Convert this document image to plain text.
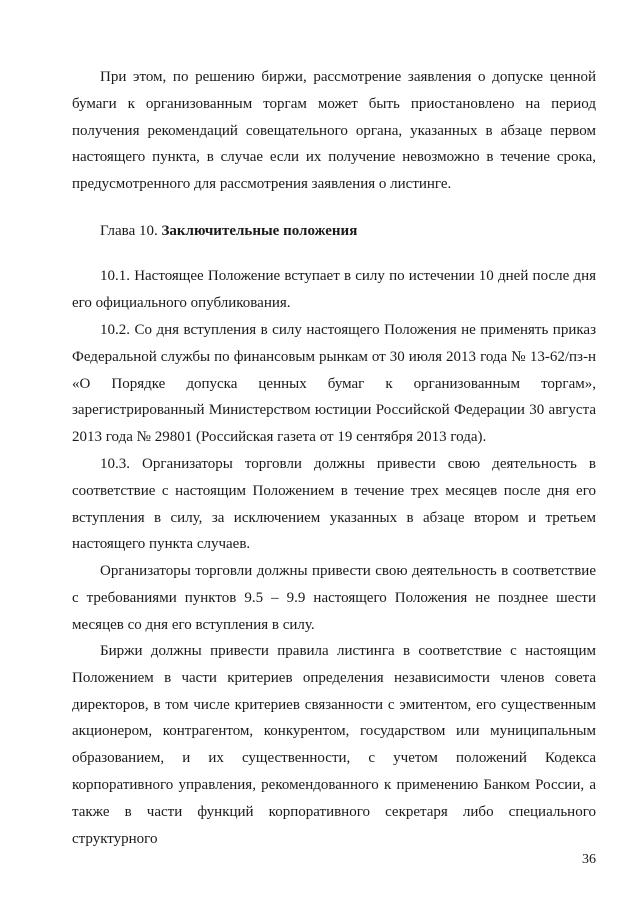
При этом, по решению биржи, рассмотрение заявления о допуске ценной бумаги к организованным торгам может быть приостановлено на период получения рекомендаций совещательного органа, указанных в абзаце первом настоящего пункта, в случае если их получение невозможно в течение срока, предусмотренного для рассмотрения заявления о листинге.

Глава 10. Заключительные положения

10.1. Настоящее Положение вступает в силу по истечении 10 дней после дня его официального опубликования.

10.2. Со дня вступления в силу настоящего Положения не применять приказ Федеральной службы по финансовым рынкам от 30 июля 2013 года № 13-62/пз-н «О Порядке допуска ценных бумаг к организованным торгам», зарегистрированный Министерством юстиции Российской Федерации 30 августа 2013 года № 29801 (Российская газета от 19 сентября 2013 года).

10.3. Организаторы торговли должны привести свою деятельность в соответствие с настоящим Положением в течение трех месяцев после дня его вступления в силу, за исключением указанных в абзаце втором и третьем настоящего пункта случаев.

Организаторы торговли должны привести свою деятельность в соответствие с требованиями пунктов 9.5 – 9.9 настоящего Положения не позднее шести месяцев со дня его вступления в силу.

Биржи должны привести правила листинга в соответствие с настоящим Положением в части критериев определения независимости членов совета директоров, в том числе критериев связанности с эмитентом, его существенным акционером, контрагентом, конкурентом, государством или муниципальным образованием, и их существенности, с учетом положений Кодекса корпоративного управления, рекомендованного к применению Банком России, а также в части функций корпоративного секретаря либо специального структурного

36
